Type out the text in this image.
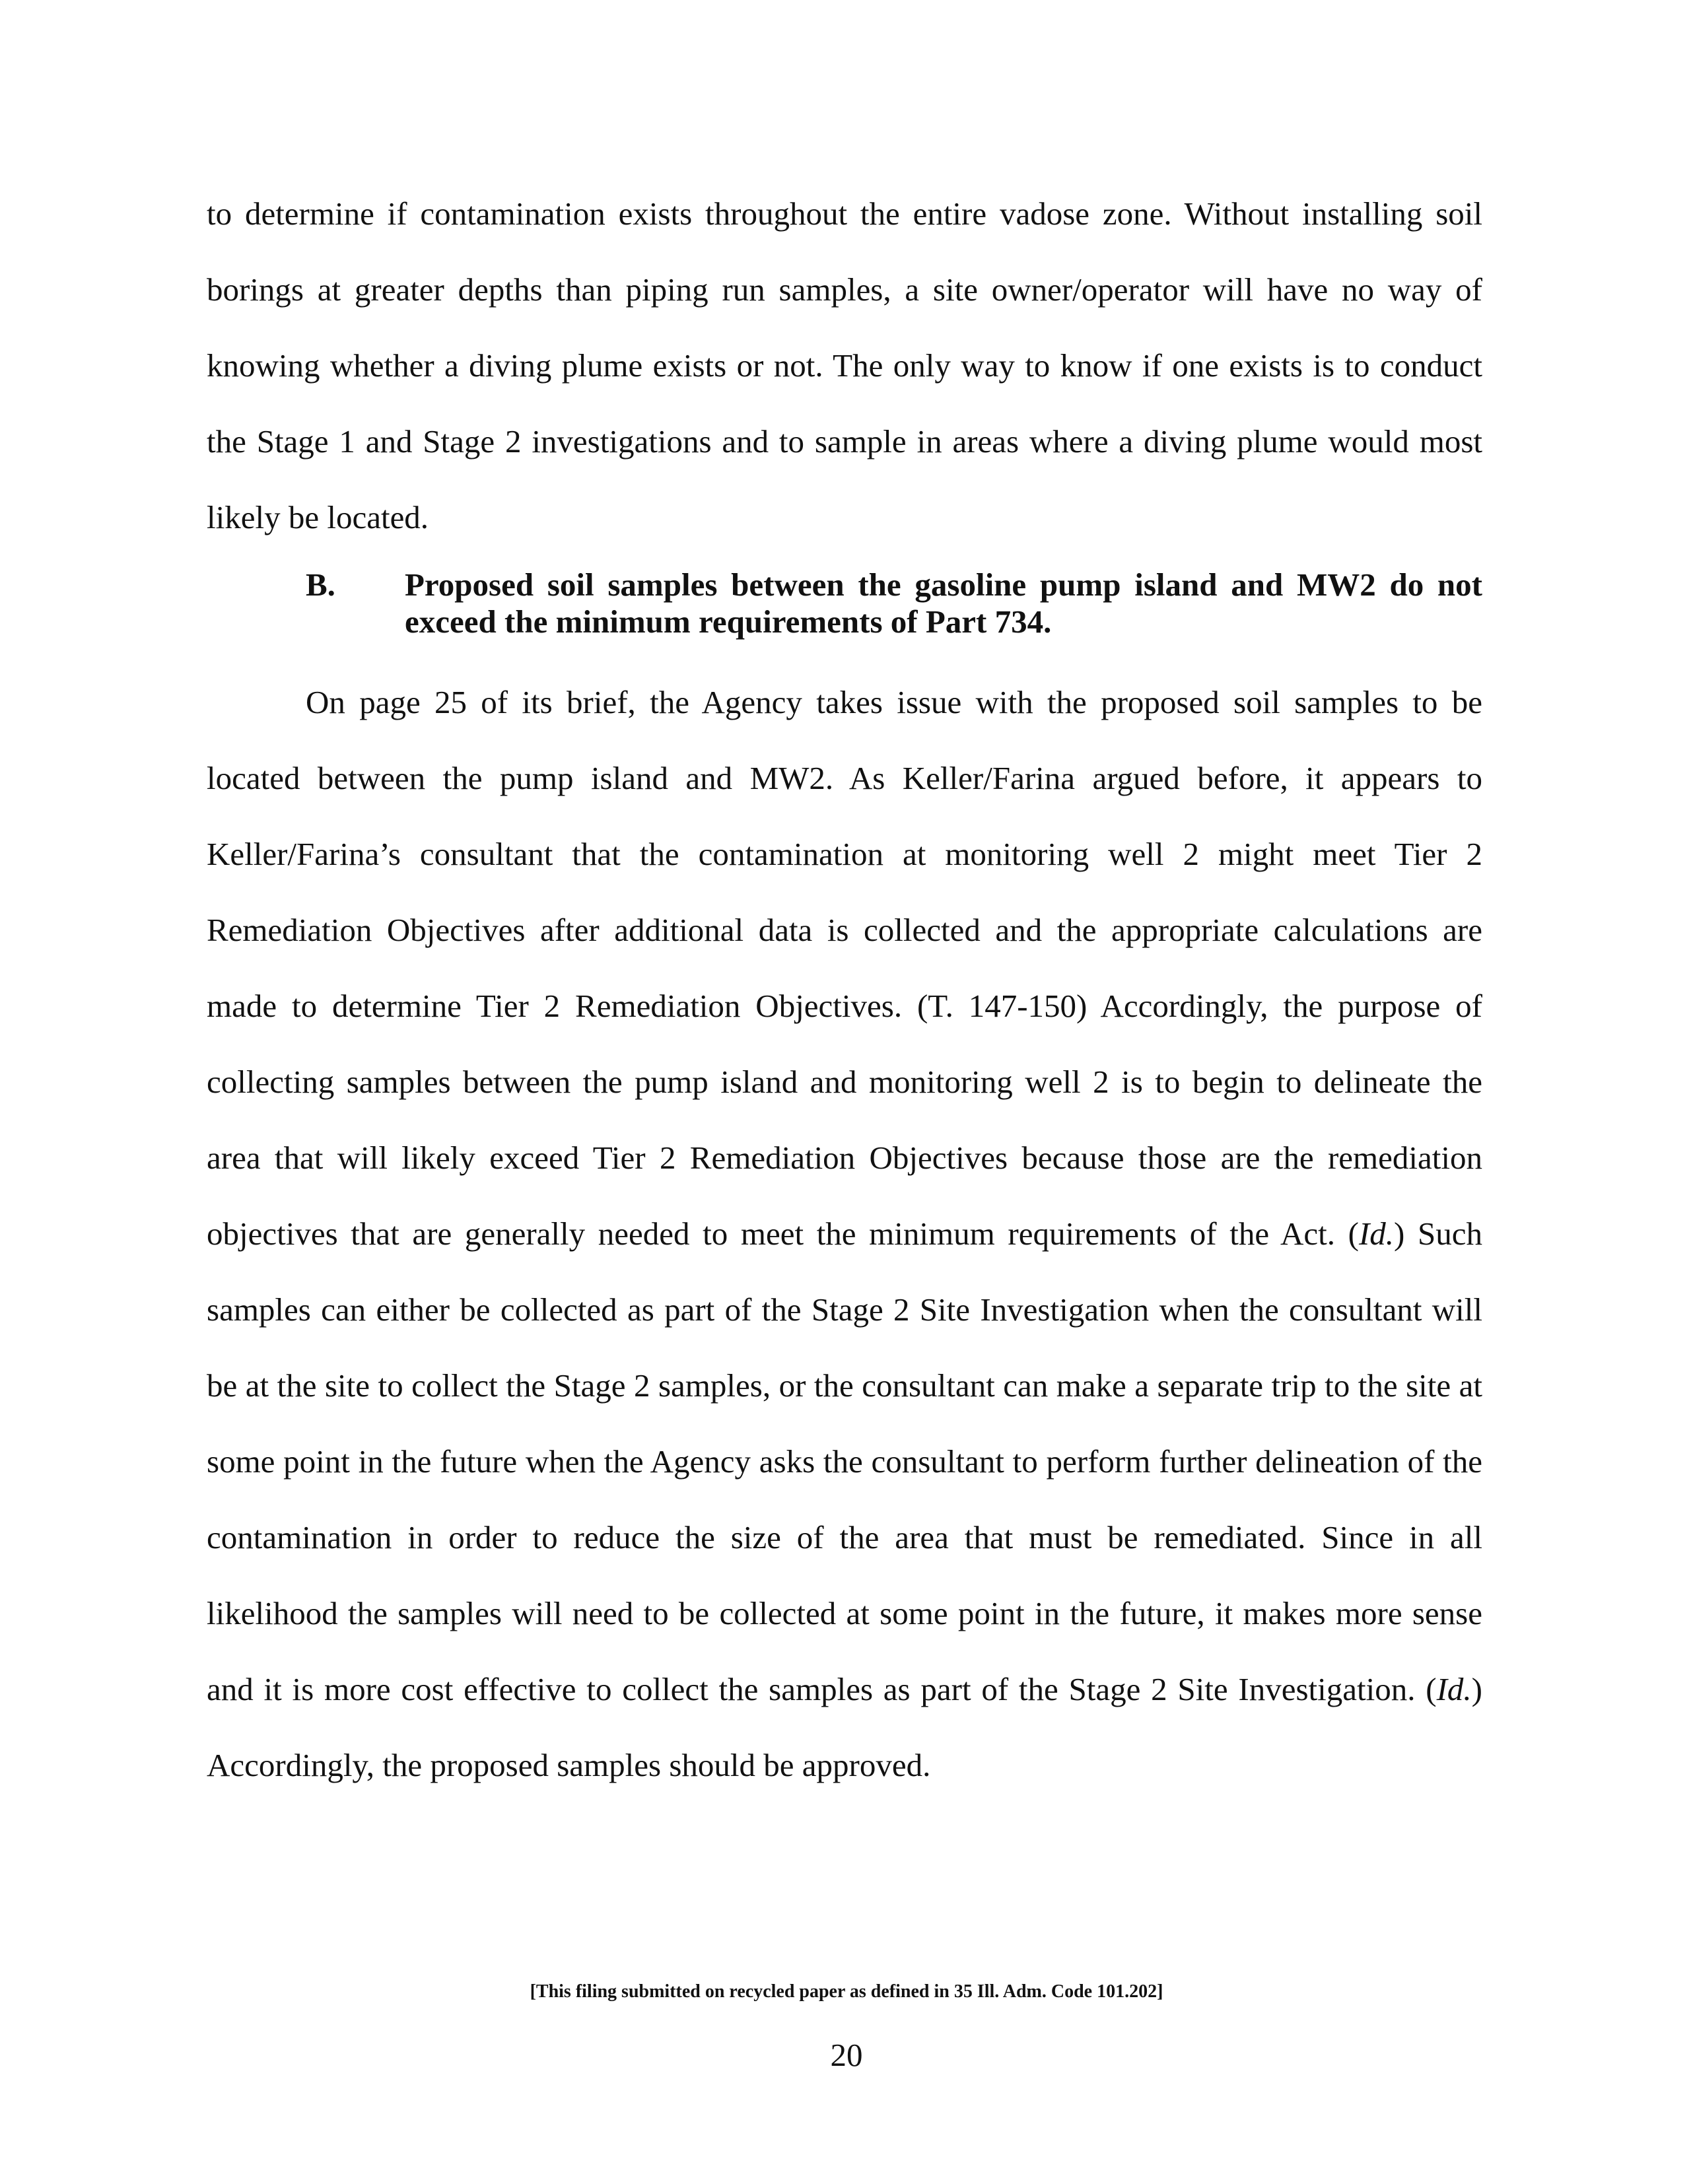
to determine if contamination exists throughout the entire vadose zone. Without installing soil borings at greater depths than piping run samples, a site owner/operator will have no way of knowing whether a diving plume exists or not. The only way to know if one exists is to conduct the Stage 1 and Stage 2 investigations and to sample in areas where a diving plume would most likely be located.

B. Proposed soil samples between the gasoline pump island and MW2 do not exceed the minimum requirements of Part 734.

On page 25 of its brief, the Agency takes issue with the proposed soil samples to be located between the pump island and MW2. As Keller/Farina argued before, it appears to Keller/Farina’s consultant that the contamination at monitoring well 2 might meet Tier 2 Remediation Objectives after additional data is collected and the appropriate calculations are made to determine Tier 2 Remediation Objectives. (T. 147-150) Accordingly, the purpose of collecting samples between the pump island and monitoring well 2 is to begin to delineate the area that will likely exceed Tier 2 Remediation Objectives because those are the remediation objectives that are generally needed to meet the minimum requirements of the Act. (Id.) Such samples can either be collected as part of the Stage 2 Site Investigation when the consultant will be at the site to collect the Stage 2 samples, or the consultant can make a separate trip to the site at some point in the future when the Agency asks the consultant to perform further delineation of the contamination in order to reduce the size of the area that must be remediated. Since in all likelihood the samples will need to be collected at some point in the future, it makes more sense and it is more cost effective to collect the samples as part of the Stage 2 Site Investigation. (Id.) Accordingly, the proposed samples should be approved.

[This filing submitted on recycled paper as defined in 35 Ill. Adm. Code 101.202]

20
